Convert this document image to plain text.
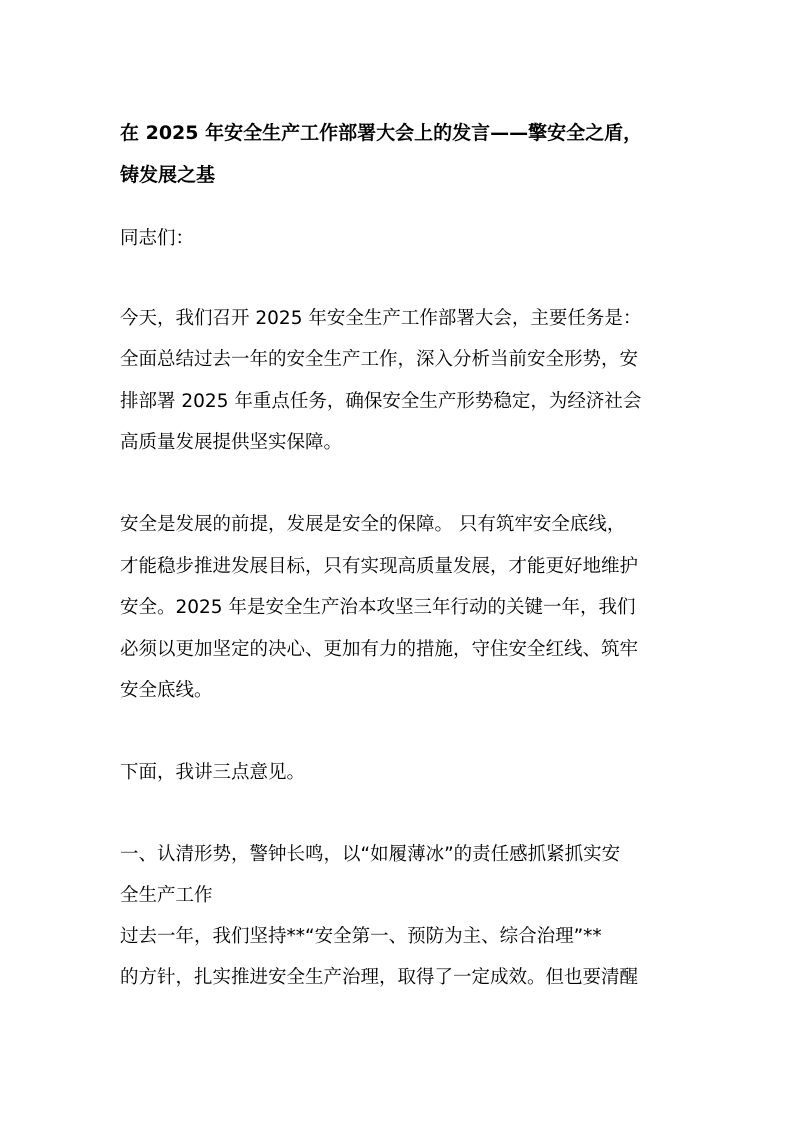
在 2025 年安全生产工作部署大会上的发言——擎安全之盾，

铸发展之基

同志们：

今天，我们召开 2025 年安全生产工作部署大会，主要任务是：

全面总结过去一年的安全生产工作，深入分析当前安全形势，安

排部署 2025 年重点任务，确保安全生产形势稳定，为经济社会

高质量发展提供坚实保障。

安全是发展的前提，发展是安全的保障。 只有筑牢安全底线，

才能稳步推进发展目标，只有实现高质量发展，才能更好地维护

安全。2025 年是安全生产治本攻坚三年行动的关键一年，我们

必须以更加坚定的决心、更加有力的措施，守住安全红线、筑牢

安全底线。

下面，我讲三点意见。

一、认清形势，警钟长鸣，以“如履薄冰”的责任感抓紧抓实安

全生产工作

过去一年，我们坚持**“安全第一、预防为主、综合治理”**

的方针，扎实推进安全生产治理，取得了一定成效。但也要清醒
